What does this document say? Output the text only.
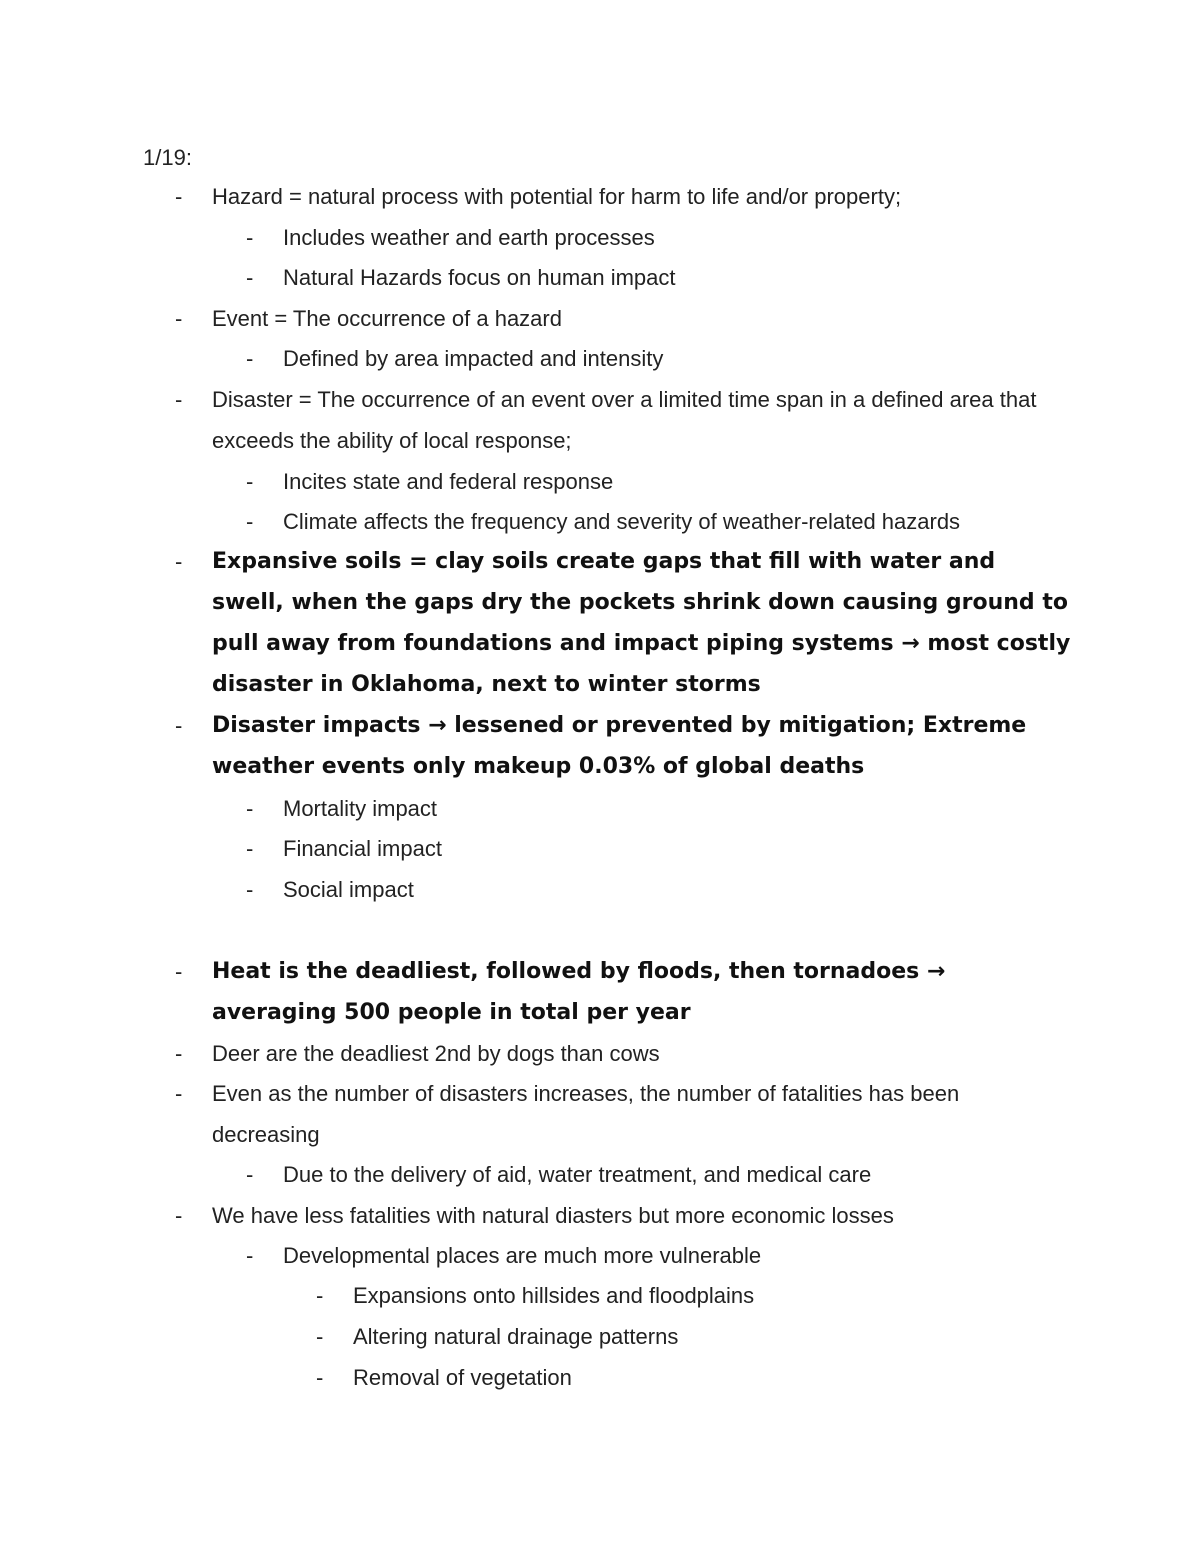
1/19:
- Hazard = natural process with potential for harm to life and/or property;
- Includes weather and earth processes
- Natural Hazards focus on human impact
- Event = The occurrence of a hazard
- Defined by area impacted and intensity
- Disaster = The occurrence of an event over a limited time span in a defined area that exceeds the ability of local response;
- Incites state and federal response
- Climate affects the frequency and severity of weather-related hazards
- Expansive soils = clay soils create gaps that fill with water and swell, when the gaps dry the pockets shrink down causing ground to pull away from foundations and impact piping systems → most costly disaster in Oklahoma, next to winter storms
- Disaster impacts → lessened or prevented by mitigation; Extreme weather events only makeup 0.03% of global deaths
- Mortality impact
- Financial impact
- Social impact
- Heat is the deadliest, followed by floods, then tornadoes → averaging 500 people in total per year
- Deer are the deadliest 2nd by dogs than cows
- Even as the number of disasters increases, the number of fatalities has been decreasing
- Due to the delivery of aid, water treatment, and medical care
- We have less fatalities with natural diasters but more economic losses
- Developmental places are much more vulnerable
- Expansions onto hillsides and floodplains
- Altering natural drainage patterns
- Removal of vegetation
